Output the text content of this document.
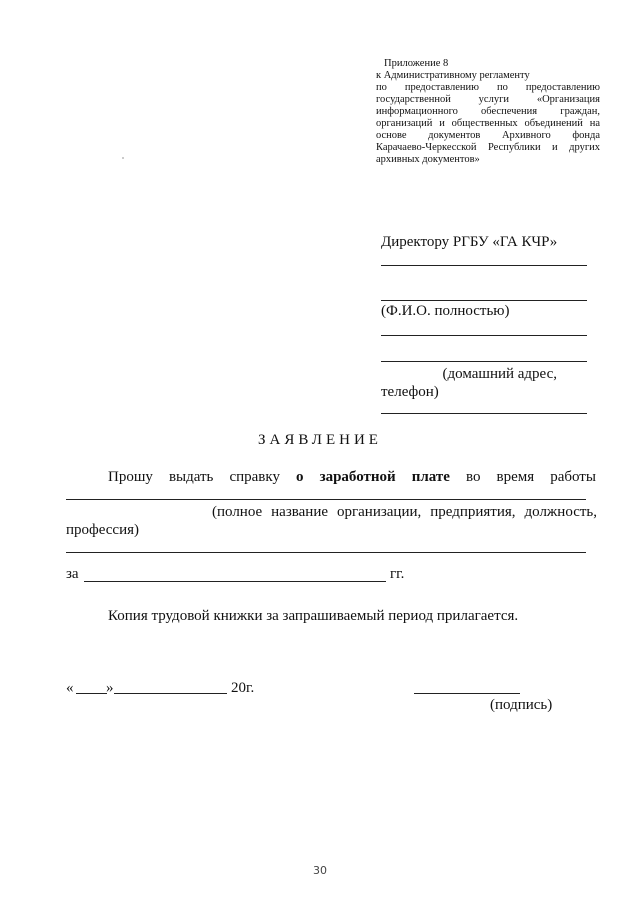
Приложение 8
к Административному регламенту
по предоставлению по предоставлению
государственной услуги «Организация
информационного обеспечения граждан,
организаций и общественных объединений на
основе документов Архивного фонда
Карачаево-Черкесской Республики и других
архивных документов»
Директору РГБУ «ГА КЧР»
(Ф.И.О. полностью)
(домашний адрес,
телефон)
ЗАЯВЛЕНИЕ
Прошу выдать справку о заработной плате во время работы
(полное название организации, предприятия, должность,
профессия)
за	гг.
Копия трудовой книжки за запрашиваемый период прилагается.
« »	20г.
(подпись)
30
